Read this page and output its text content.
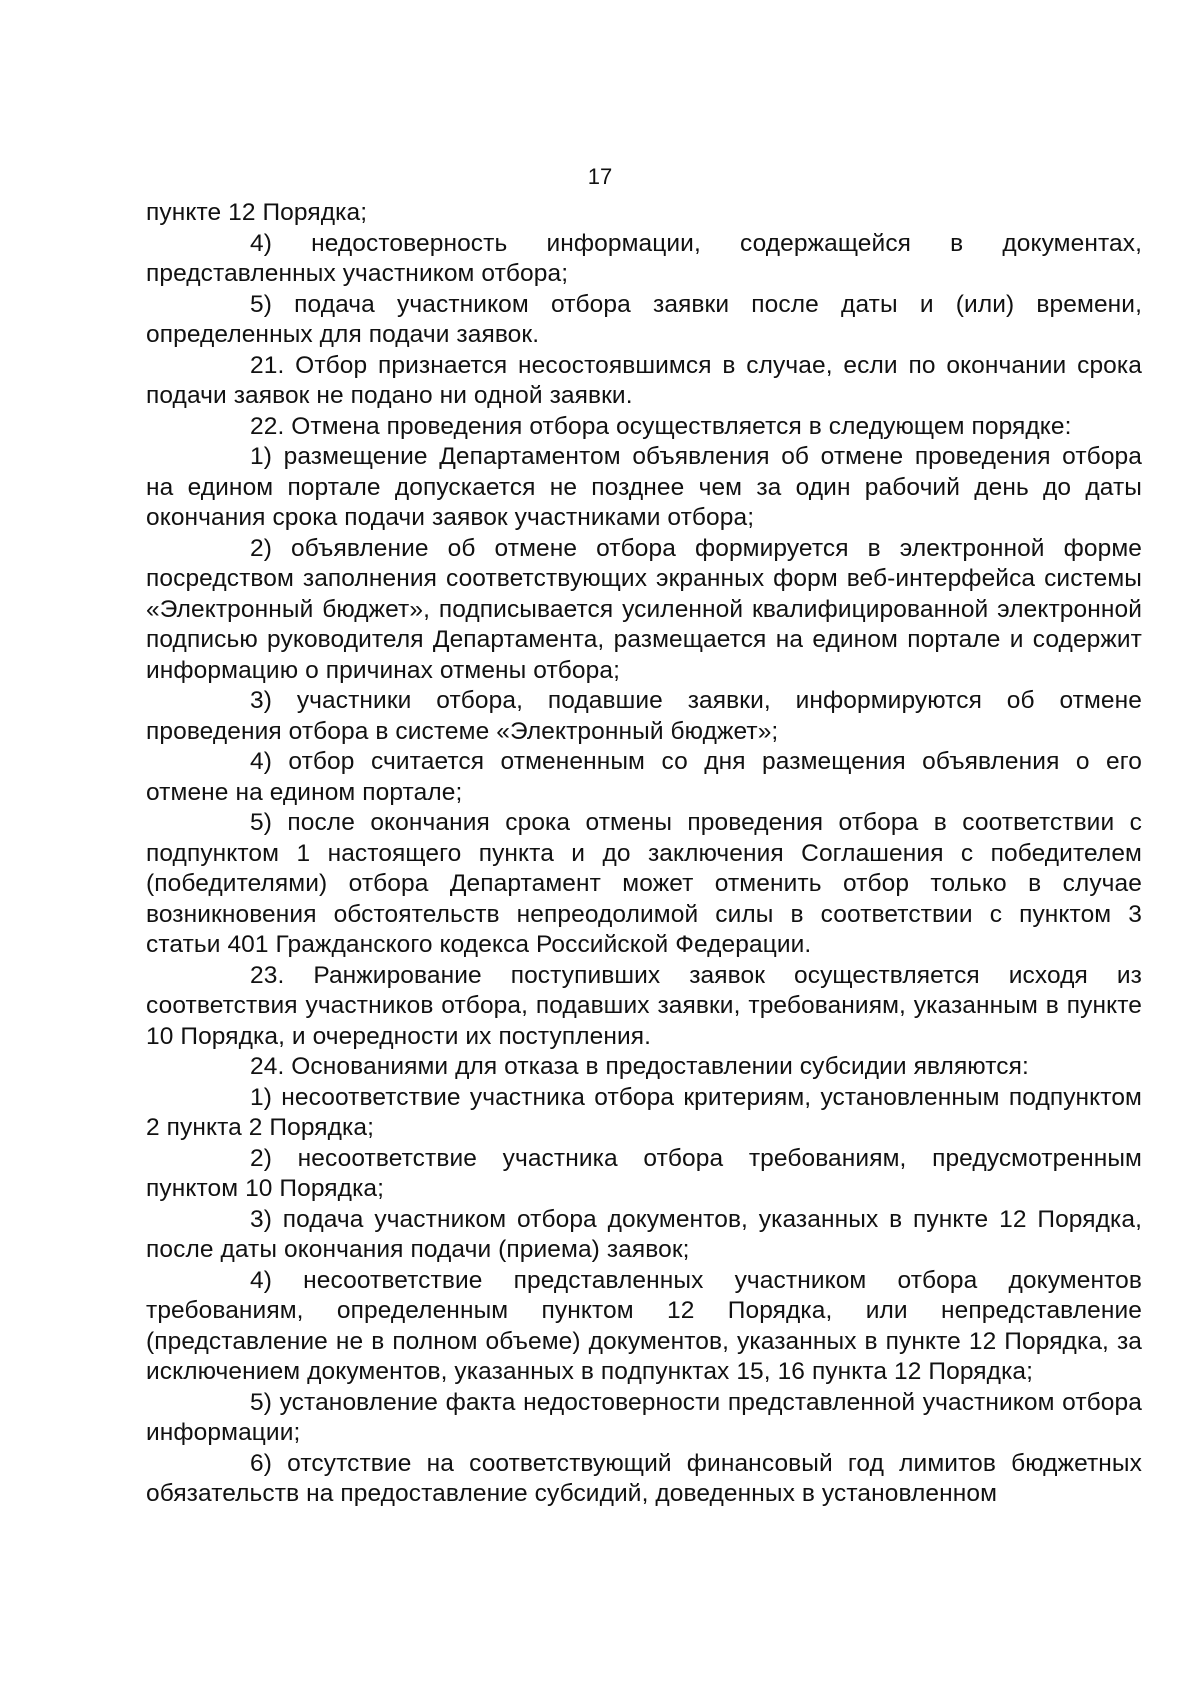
17

пункте 12 Порядка;

4) недостоверность информации, содержащейся в документах, представленных участником отбора;

5) подача участником отбора заявки после даты и (или) времени, определенных для подачи заявок.

21. Отбор признается несостоявшимся в случае, если по окончании срока подачи заявок не подано ни одной заявки.

22. Отмена проведения отбора осуществляется в следующем порядке:

1) размещение Департаментом объявления об отмене проведения отбора на едином портале допускается не позднее чем за один рабочий день до даты окончания срока подачи заявок участниками отбора;

2) объявление об отмене отбора формируется в электронной форме посредством заполнения соответствующих экранных форм веб-интерфейса системы «Электронный бюджет», подписывается усиленной квалифицированной электронной подписью руководителя Департамента, размещается на едином портале и содержит информацию о причинах отмены отбора;

3) участники отбора, подавшие заявки, информируются об отмене проведения отбора в системе «Электронный бюджет»;

4) отбор считается отмененным со дня размещения объявления о его отмене на едином портале;

5) после окончания срока отмены проведения отбора в соответствии с подпунктом 1 настоящего пункта и до заключения Соглашения с победителем (победителями) отбора Департамент может отменить отбор только в случае возникновения обстоятельств непреодолимой силы в соответствии с пунктом 3 статьи 401 Гражданского кодекса Российской Федерации.

23. Ранжирование поступивших заявок осуществляется исходя из соответствия участников отбора, подавших заявки, требованиям, указанным в пункте 10 Порядка, и очередности их поступления.

24. Основаниями для отказа в предоставлении субсидии являются:

1) несоответствие участника отбора критериям, установленным подпунктом 2 пункта 2 Порядка;

2) несоответствие участника отбора требованиям, предусмотренным пунктом 10 Порядка;

3) подача участником отбора документов, указанных в пункте 12 Порядка, после даты окончания подачи (приема) заявок;

4) несоответствие представленных участником отбора документов требованиям, определенным пунктом 12 Порядка, или непредставление (представление не в полном объеме) документов, указанных в пункте 12 Порядка, за исключением документов, указанных в подпунктах 15, 16 пункта 12 Порядка;

5) установление факта недостоверности представленной участником отбора информации;

6) отсутствие на соответствующий финансовый год лимитов бюджетных обязательств на предоставление субсидий, доведенных в установленном
